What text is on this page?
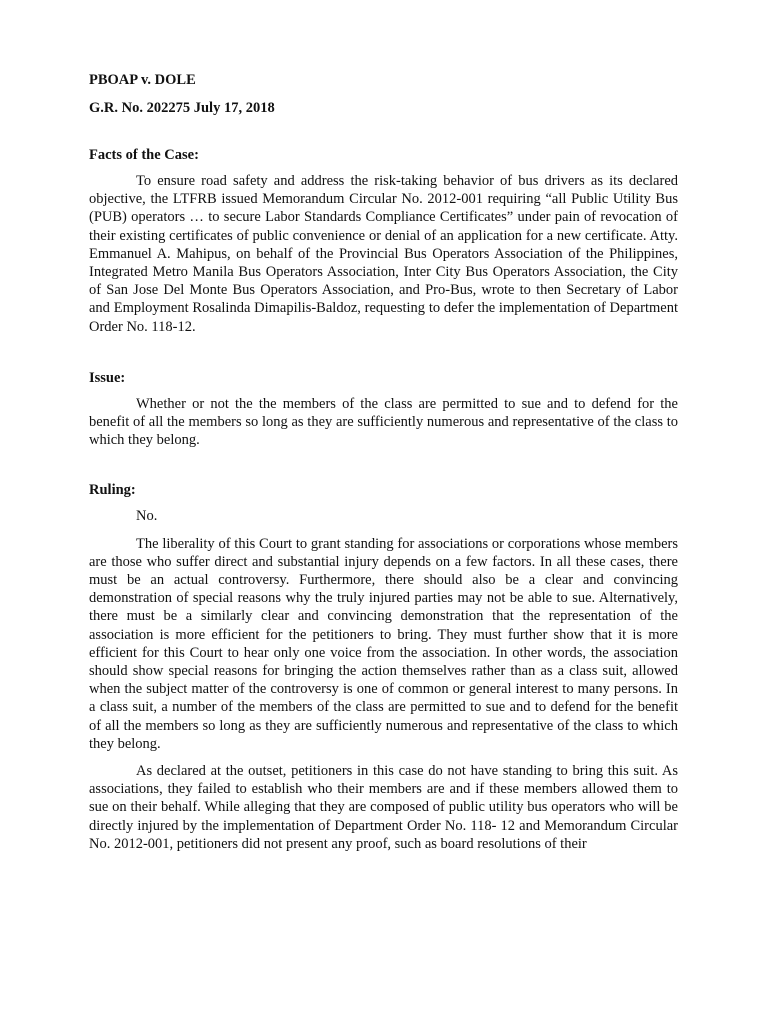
PBOAP v. DOLE

G.R. No. 202275 July 17, 2018

Facts of the Case:

To ensure road safety and address the risk-taking behavior of bus drivers as its declared objective, the LTFRB issued Memorandum Circular No. 2012-001 requiring “all Public Utility Bus (PUB) operators … to secure Labor Standards Compliance Certificates” under pain of revocation of their existing certificates of public convenience or denial of an application for a new certificate. Atty. Emmanuel A. Mahipus, on behalf of the Provincial Bus Operators Association of the Philippines, Integrated Metro Manila Bus Operators Association, Inter City Bus Operators Association, the City of San Jose Del Monte Bus Operators Association, and Pro-Bus, wrote to then Secretary of Labor and Employment Rosalinda Dimapilis-Baldoz, requesting to defer the implementation of Department Order No. 118-12.

Issue:

Whether or not the the members of the class are permitted to sue and to defend for the benefit of all the members so long as they are sufficiently numerous and representative of the class to which they belong.

Ruling:

No.

The liberality of this Court to grant standing for associations or corporations whose members are those who suffer direct and substantial injury depends on a few factors. In all these cases, there must be an actual controversy. Furthermore, there should also be a clear and convincing demonstration of special reasons why the truly injured parties may not be able to sue. Alternatively, there must be a similarly clear and convincing demonstration that the representation of the association is more efficient for the petitioners to bring. They must further show that it is more efficient for this Court to hear only one voice from the association. In other words, the association should show special reasons for bringing the action themselves rather than as a class suit, allowed when the subject matter of the controversy is one of common or general interest to many persons. In a class suit, a number of the members of the class are permitted to sue and to defend for the benefit of all the members so long as they are sufficiently numerous and representative of the class to which they belong.

As declared at the outset, petitioners in this case do not have standing to bring this suit. As associations, they failed to establish who their members are and if these members allowed them to sue on their behalf. While alleging that they are composed of public utility bus operators who will be directly injured by the implementation of Department Order No. 118- 12 and Memorandum Circular No. 2012-001, petitioners did not present any proof, such as board resolutions of their
